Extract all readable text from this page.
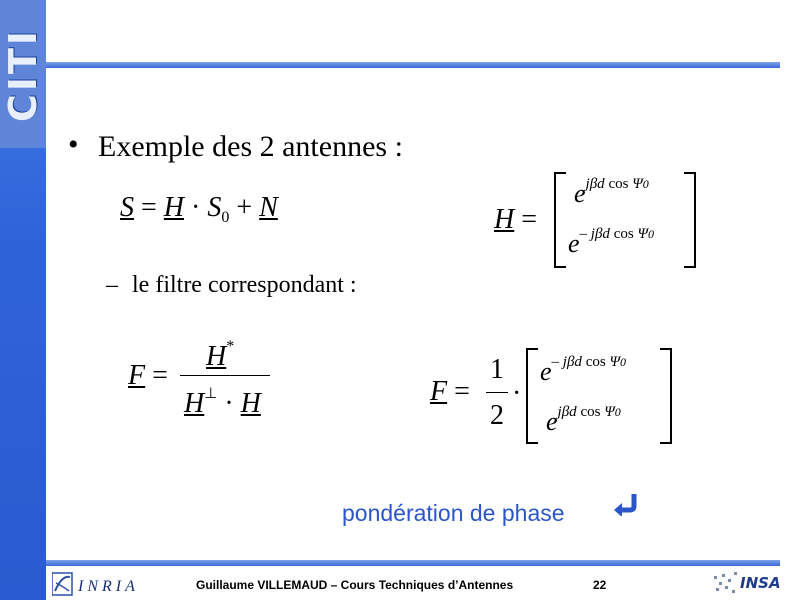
CITI
• Exemple des 2 antennes :
$S = H \cdot S_0 + N$	H =
$e^{j\beta d cos \Psi 0}$
$e^{- j\beta d cos \Psi 0}$
– le filtre correspondant :
F =
H*
H⊥ · H	F =
1
2
·
$e^{- j\beta d cos \Psi 0}$
$e^{j\beta d cos \Psi 0}$
pondération de phase
INRIA	Guillaume VILLEMAUD – Cours Techniques d’Antennes	22	INSA
